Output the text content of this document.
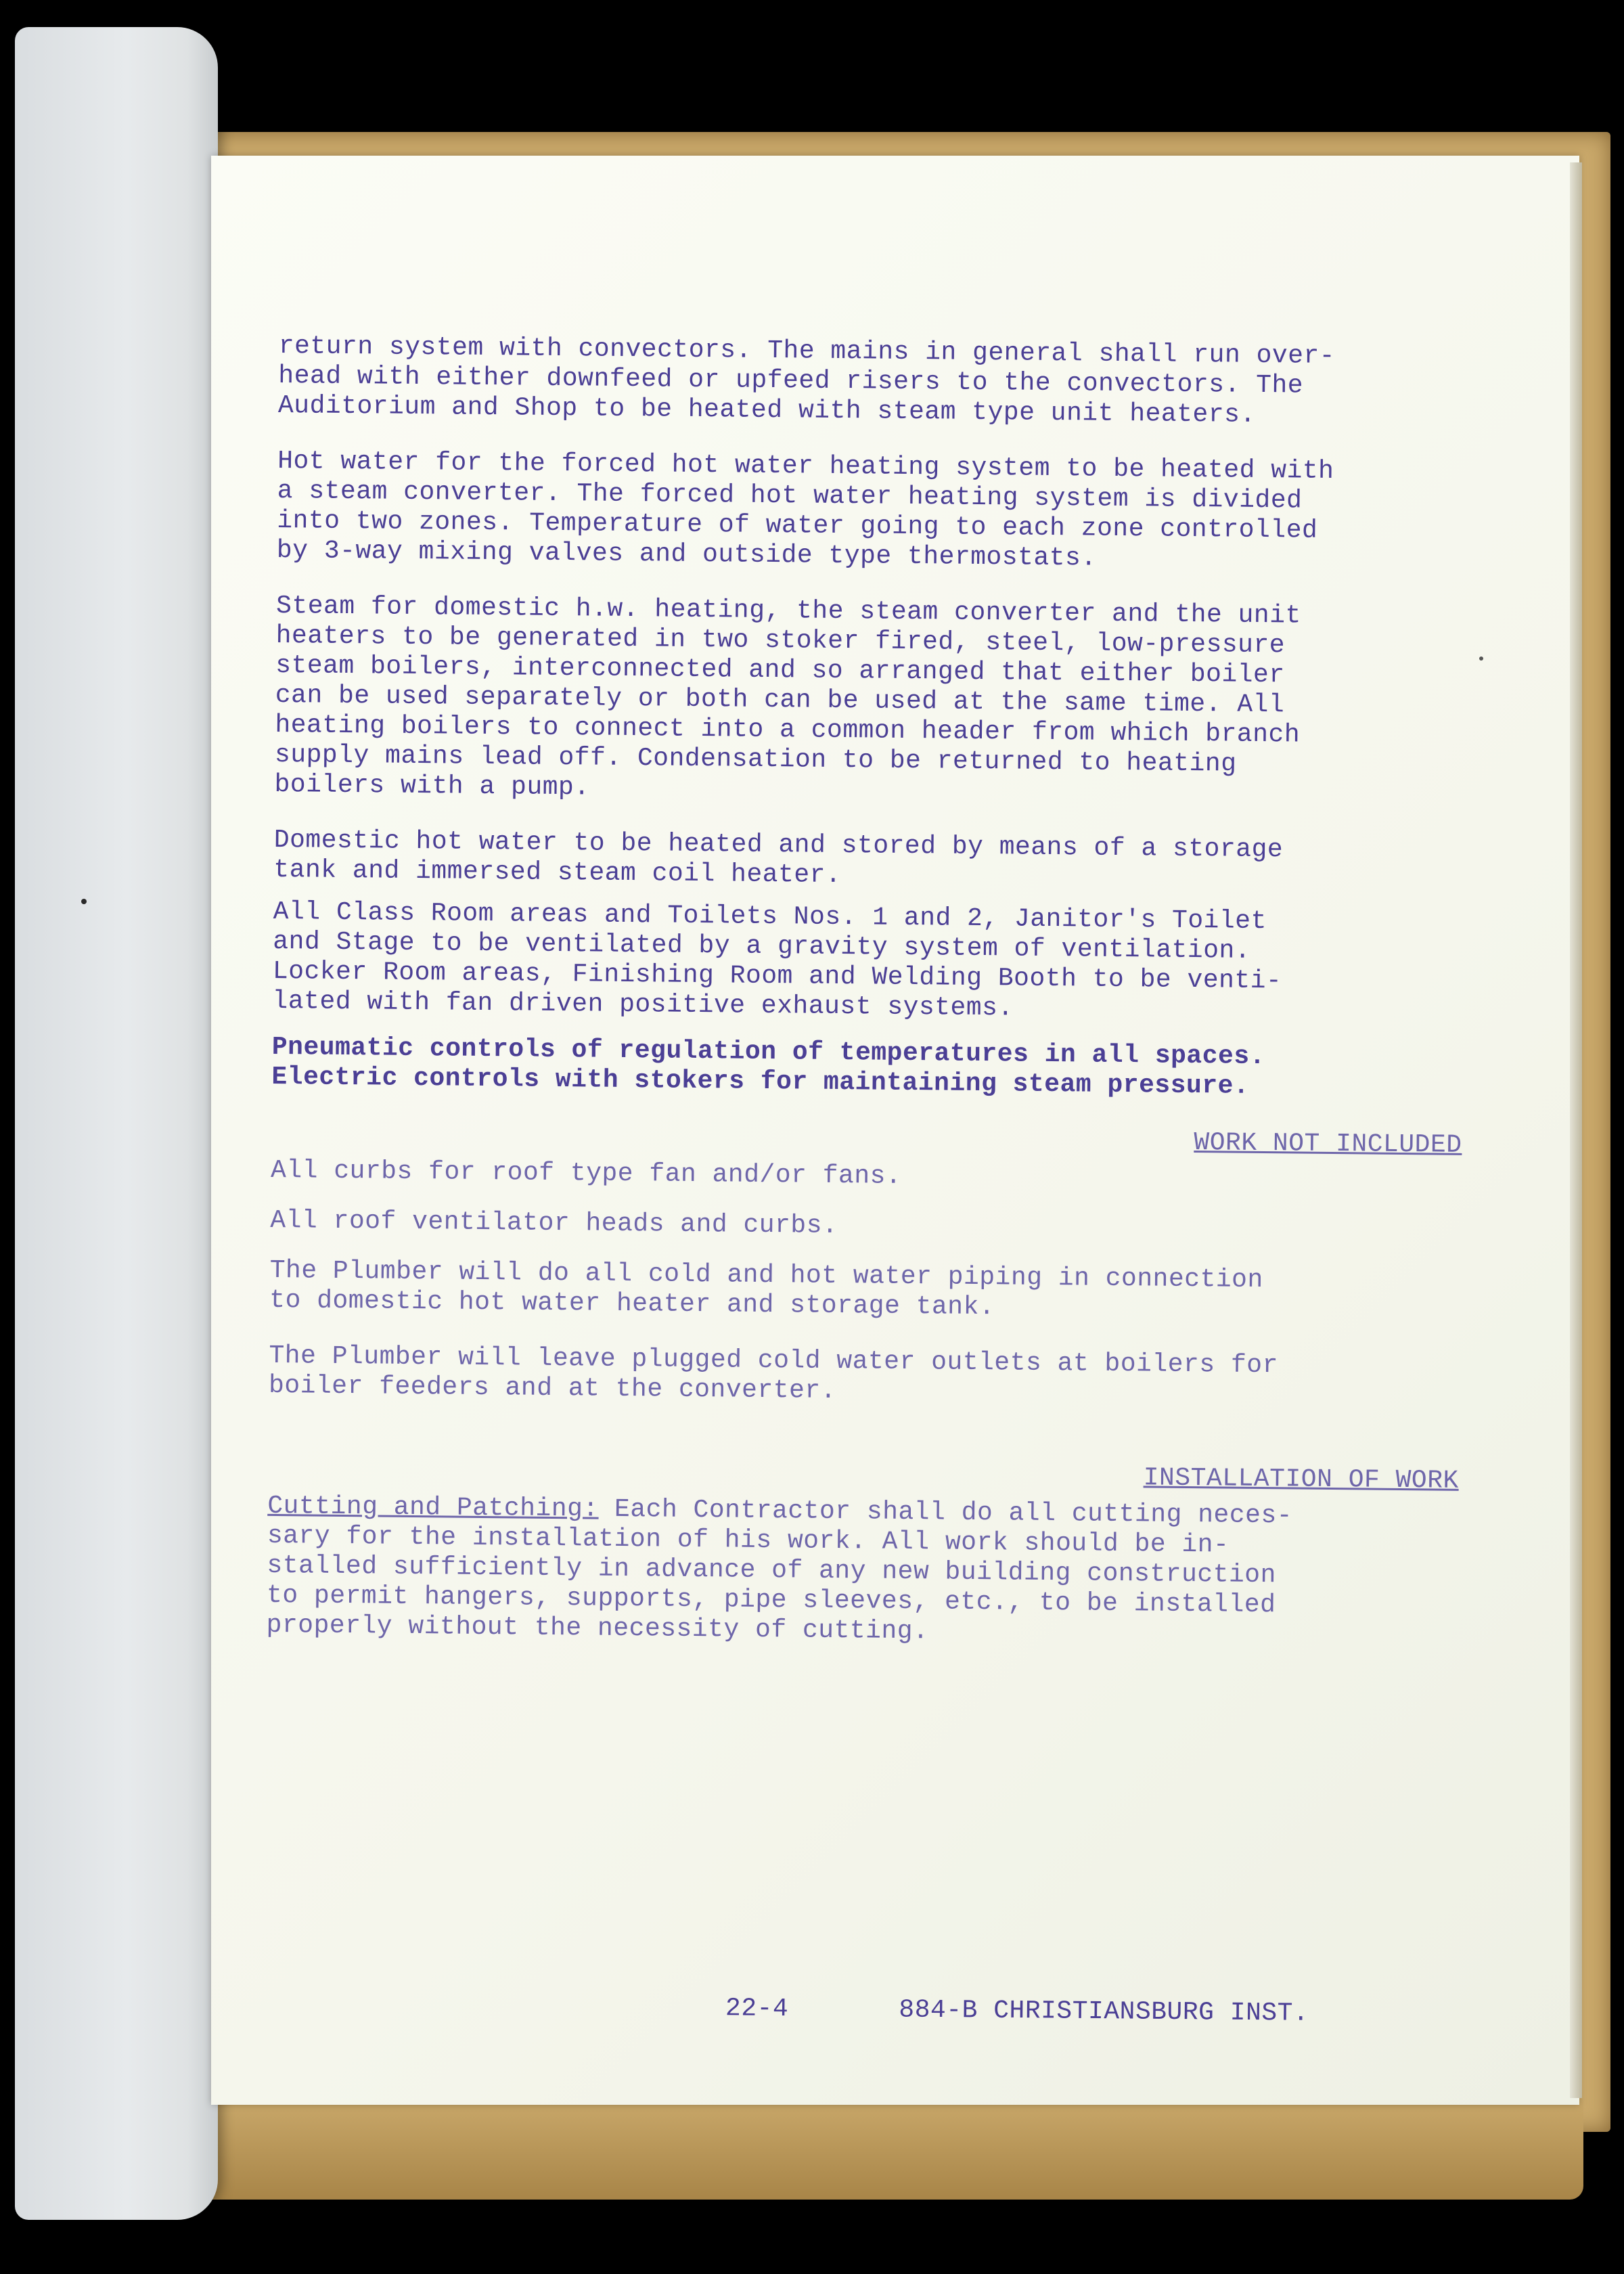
return system with convectors. The mains in general shall run over-
head with either downfeed or upfeed risers to the convectors. The
Auditorium and Shop to be heated with steam type unit heaters.

Hot water for the forced hot water heating system to be heated with
a steam converter. The forced hot water heating system is divided
into two zones. Temperature of water going to each zone controlled
by 3-way mixing valves and outside type thermostats.

Steam for domestic h.w. heating, the steam converter and the unit
heaters to be generated in two stoker fired, steel, low-pressure
steam boilers, interconnected and so arranged that either boiler
can be used separately or both can be used at the same time. All
heating boilers to connect into a common header from which branch
supply mains lead off. Condensation to be returned to heating
boilers with a pump.

Domestic hot water to be heated and stored by means of a storage
tank and immersed steam coil heater.

All Class Room areas and Toilets Nos. 1 and 2, Janitor's Toilet
and Stage to be ventilated by a gravity system of ventilation.
Locker Room areas, Finishing Room and Welding Booth to be venti-
lated with fan driven positive exhaust systems.

Pneumatic controls of regulation of temperatures in all spaces.
Electric controls with stokers for maintaining steam pressure.

WORK NOT INCLUDED

All curbs for roof type fan and/or fans.

All roof ventilator heads and curbs.

The Plumber will do all cold and hot water piping in connection
to domestic hot water heater and storage tank.

The Plumber will leave plugged cold water outlets at boilers for
boiler feeders and at the converter.

INSTALLATION OF WORK

Cutting and Patching: Each Contractor shall do all cutting neces-
sary for the installation of his work. All work should be in-
stalled sufficiently in advance of any new building construction
to permit hangers, supports, pipe sleeves, etc., to be installed
properly without the necessity of cutting.

22-4	884-B CHRISTIANSBURG INST.
